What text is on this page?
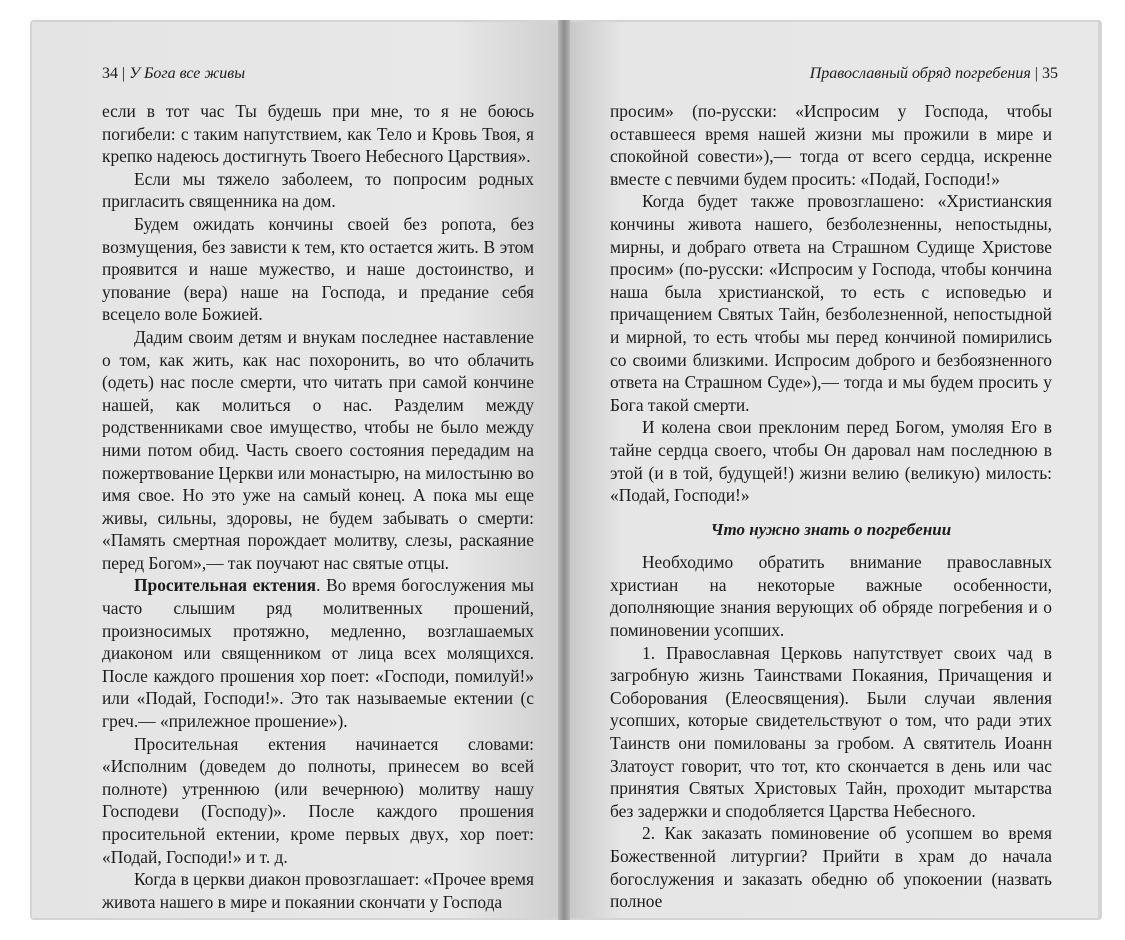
34 | У Бога все живы

если в тот час Ты будешь при мне, то я не боюсь погибели: с таким напутствием, как Тело и Кровь Твоя, я крепко надеюсь достигнуть Твоего Небесного Царствия».

Если мы тяжело заболеем, то попросим родных пригласить священника на дом.

Будем ожидать кончины своей без ропота, без возмущения, без зависти к тем, кто остается жить. В этом проявится и наше мужество, и наше достоинство, и упование (вера) наше на Господа, и предание себя всецело воле Божией.

Дадим своим детям и внукам последнее наставление о том, как жить, как нас похоронить, во что облачить (одеть) нас после смерти, что читать при самой кончине нашей, как молиться о нас. Разделим между родственниками свое имущество, чтобы не было между ними потом обид. Часть своего состояния передадим на пожертвование Церкви или монастырю, на милостыню во имя свое. Но это уже на самый конец. А пока мы еще живы, сильны, здоровы, не будем забывать о смерти: «Память смертная порождает молитву, слезы, раскаяние перед Богом»,— так поучают нас святые отцы.

Просительная ектения. Во время богослужения мы часто слышим ряд молитвенных прошений, произносимых протяжно, медленно, возглашаемых диаконом или священником от лица всех молящихся. После каждого прошения хор поет: «Господи, помилуй!» или «Подай, Господи!». Это так называемые ектении (с греч.— «прилежное прошение»).

Просительная ектения начинается словами: «Исполним (доведем до полноты, принесем во всей полноте) утреннюю (или вечернюю) молитву нашу Господеви (Господу)». После каждого прошения просительной ектении, кроме первых двух, хор поет: «Подай, Господи!» и т. д.

Когда в церкви диакон провозглашает: «Прочее время живота нашего в мире и покаянии скончати у Господа

Православный обряд погребения | 35

просим» (по-русски: «Испросим у Господа, чтобы оставшееся время нашей жизни мы прожили в мире и спокойной совести»),— тогда от всего сердца, искренне вместе с певчими будем просить: «Подай, Господи!»

Когда будет также провозглашено: «Христианския кончины живота нашего, безболезненны, непостыдны, мирны, и добраго ответа на Страшном Судище Христове просим» (по-русски: «Испросим у Господа, чтобы кончина наша была христианской, то есть с исповедью и причащением Святых Тайн, безболезненной, непостыдной и мирной, то есть чтобы мы перед кончиной помирились со своими близкими. Испросим доброго и безбоязненного ответа на Страшном Суде»),— тогда и мы будем просить у Бога такой смерти.

И колена свои преклоним перед Богом, умоляя Его в тайне сердца своего, чтобы Он даровал нам последнюю в этой (и в той, будущей!) жизни велию (великую) милость: «Подай, Господи!»

Что нужно знать о погребении

Необходимо обратить внимание православных христиан на некоторые важные особенности, дополняющие знания верующих об обряде погребения и о поминовении усопших.

1. Православная Церковь напутствует своих чад в загробную жизнь Таинствами Покаяния, Причащения и Соборования (Елеосвящения). Были случаи явления усопших, которые свидетельствуют о том, что ради этих Таинств они помилованы за гробом. А святитель Иоанн Златоуст говорит, что тот, кто скончается в день или час принятия Святых Христовых Тайн, проходит мытарства без задержки и сподобляется Царства Небесного.

2. Как заказать поминовение об усопшем во время Божественной литургии? Прийти в храм до начала богослужения и заказать обедню об упокоении (назвать полное
